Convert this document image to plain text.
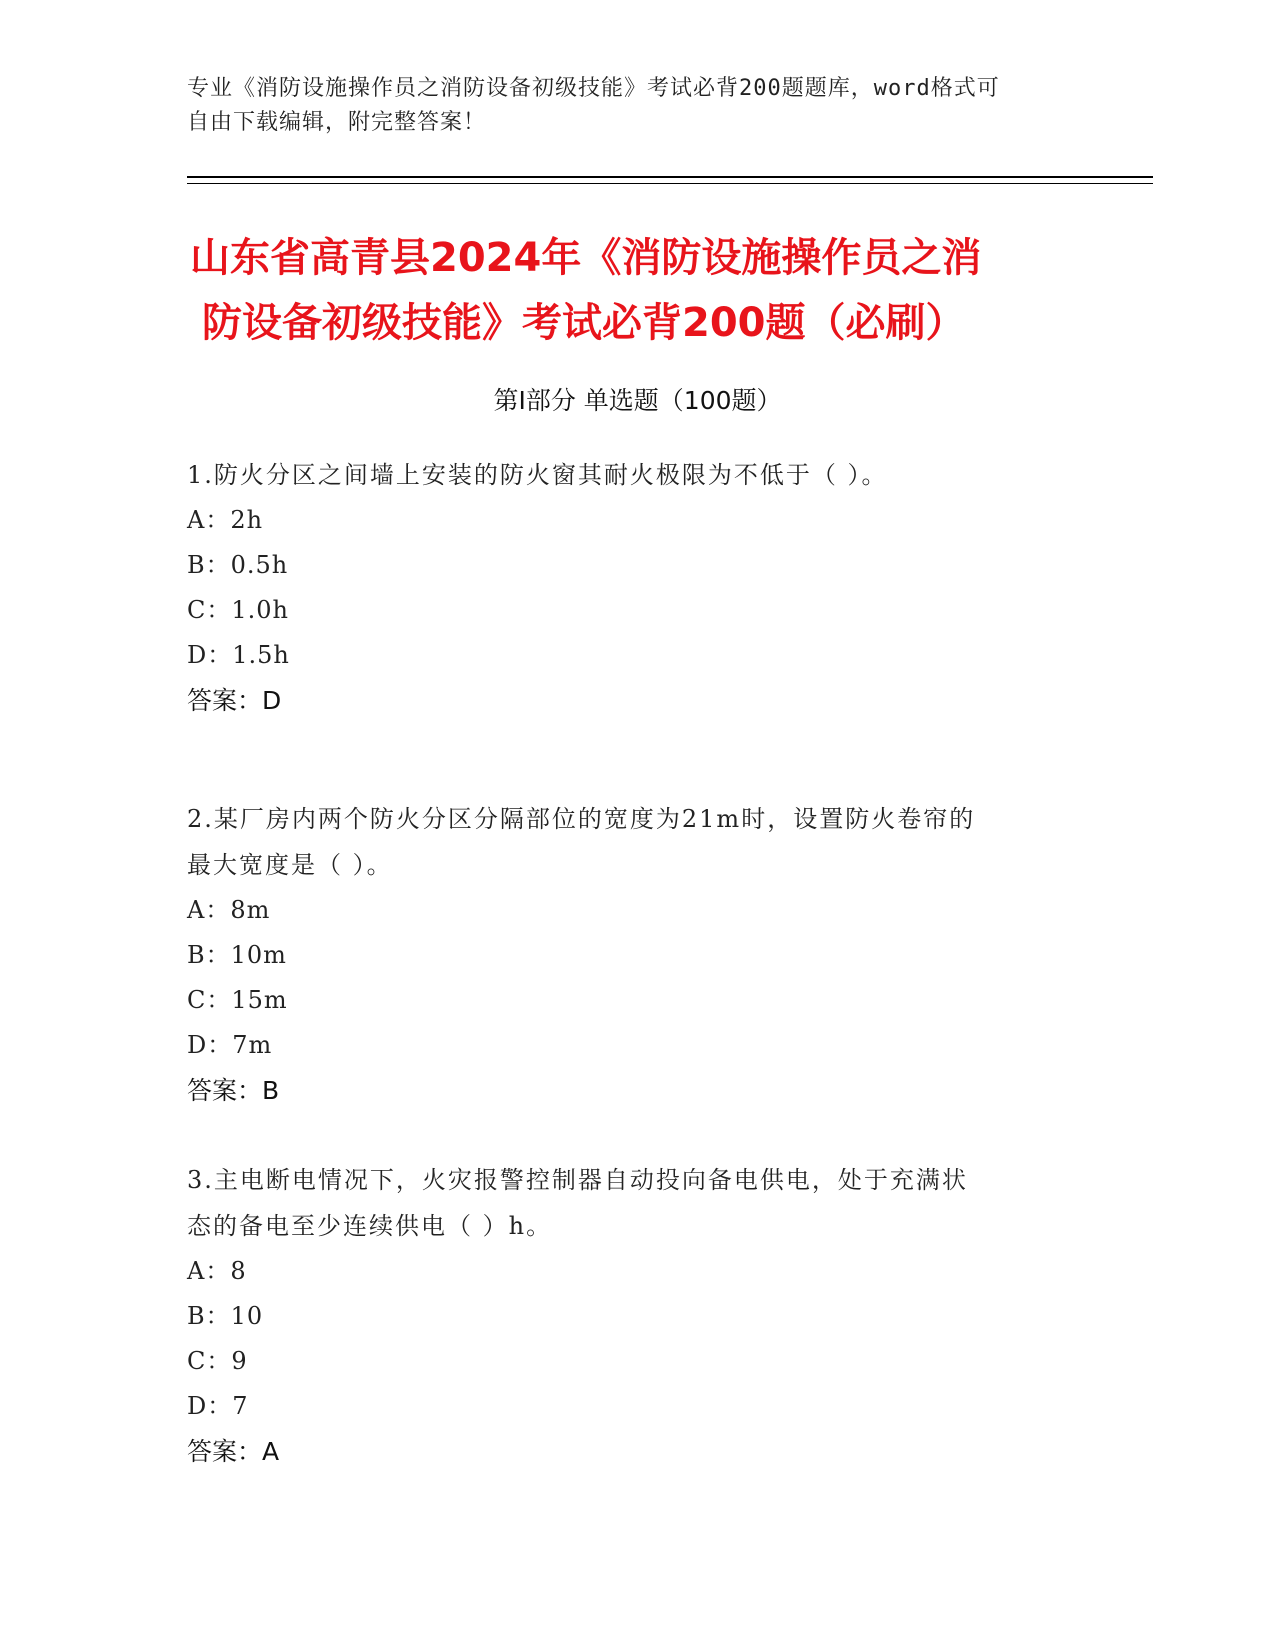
专业《消防设施操作员之消防设备初级技能》考试必背200题题库，word格式可
自由下载编辑，附完整答案！
山东省高青县2024年《消防设施操作员之消
防设备初级技能》考试必背200题（必刷）
第I部分 单选题（100题）
1.防火分区之间墙上安装的防火窗其耐火极限为不低于（ ）。
A：2h
B：0.5h
C：1.0h
D：1.5h
答案：D
2.某厂房内两个防火分区分隔部位的宽度为21m时，设置防火卷帘的
最大宽度是（ ）。
A：8m
B：10m
C：15m
D：7m
答案：B
3.主电断电情况下，火灾报警控制器自动投向备电供电，处于充满状
态的备电至少连续供电（ ）h。
A：8
B：10
C：9
D：7
答案：A
